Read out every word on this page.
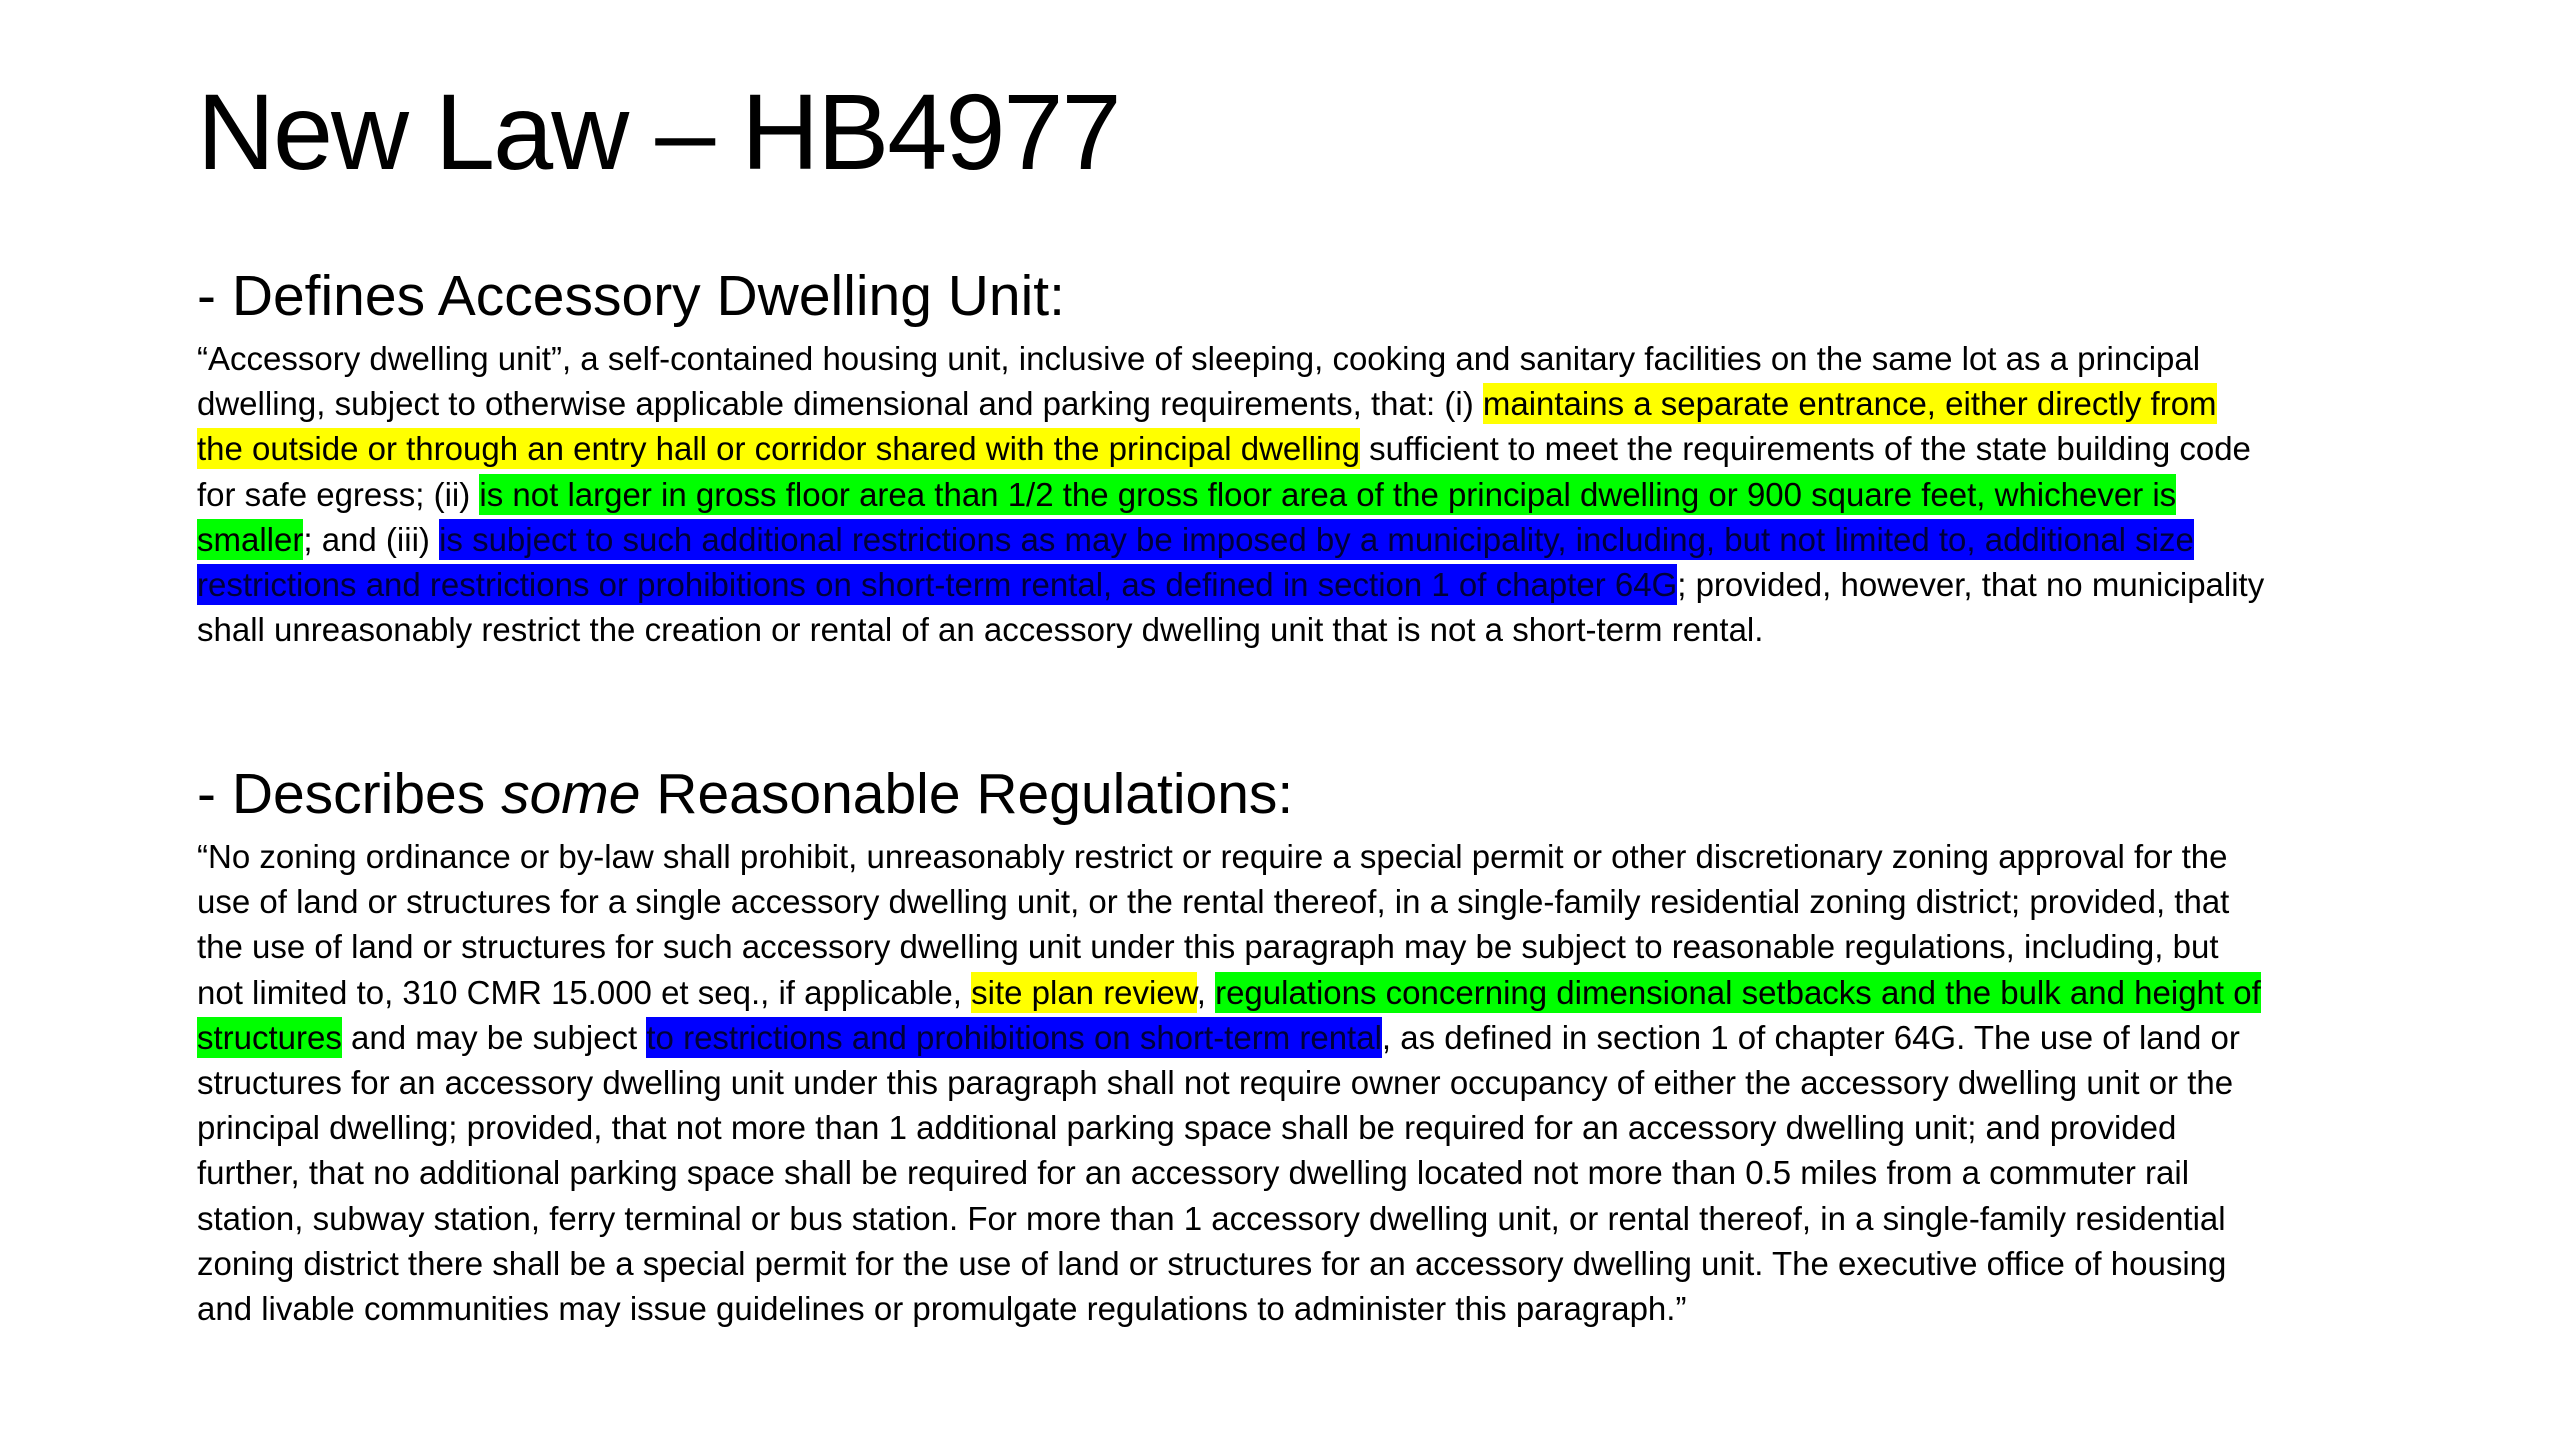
New Law – HB4977
- Defines Accessory Dwelling Unit:

“Accessory dwelling unit”, a self-contained housing unit, inclusive of sleeping, cooking and sanitary facilities on the same lot as a principal dwelling, subject to otherwise applicable dimensional and parking requirements, that: (i) maintains a separate entrance, either directly from the outside or through an entry hall or corridor shared with the principal dwelling sufficient to meet the requirements of the state building code for safe egress; (ii) is not larger in gross floor area than 1/2 the gross floor area of the principal dwelling or 900 square feet, whichever is smaller; and (iii) is subject to such additional restrictions as may be imposed by a municipality, including, but not limited to, additional size restrictions and restrictions or prohibitions on short-term rental, as defined in section 1 of chapter 64G; provided, however, that no municipality shall unreasonably restrict the creation or rental of an accessory dwelling unit that is not a short-term rental.

- Describes some Reasonable Regulations:

“No zoning ordinance or by-law shall prohibit, unreasonably restrict or require a special permit or other discretionary zoning approval for the use of land or structures for a single accessory dwelling unit, or the rental thereof, in a single-family residential zoning district; provided, that the use of land or structures for such accessory dwelling unit under this paragraph may be subject to reasonable regulations, including, but not limited to, 310 CMR 15.000 et seq., if applicable, site plan review, regulations concerning dimensional setbacks and the bulk and height of structures and may be subject to restrictions and prohibitions on short-term rental, as defined in section 1 of chapter 64G. The use of land or structures for an accessory dwelling unit under this paragraph shall not require owner occupancy of either the accessory dwelling unit or the principal dwelling; provided, that not more than 1 additional parking space shall be required for an accessory dwelling unit; and provided further, that no additional parking space shall be required for an accessory dwelling located not more than 0.5 miles from a commuter rail station, subway station, ferry terminal or bus station. For more than 1 accessory dwelling unit, or rental thereof, in a single-family residential zoning district there shall be a special permit for the use of land or structures for an accessory dwelling unit. The executive office of housing and livable communities may issue guidelines or promulgate regulations to administer this paragraph.”
